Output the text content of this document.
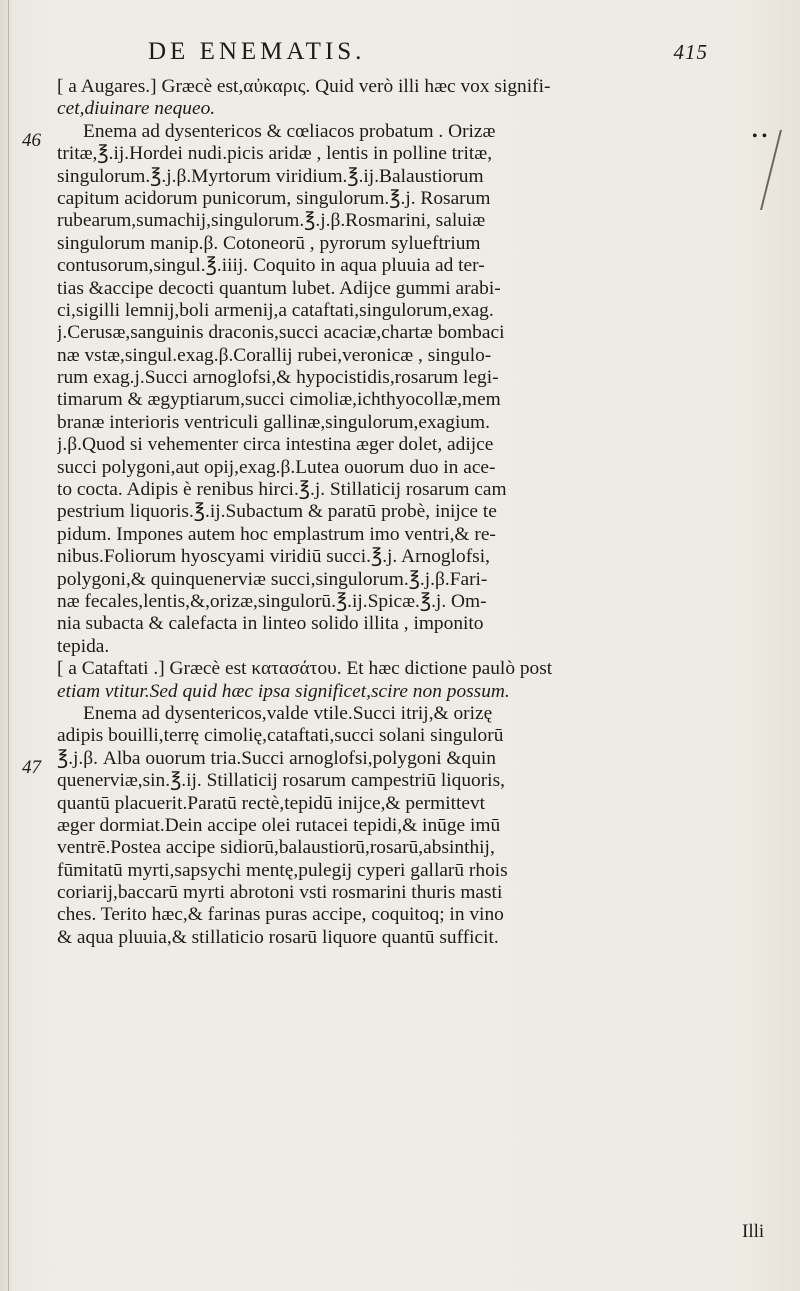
DE ENEMATIS.	415
46
47
• •
[ a Augares.] Græcè est,αὐκαρις. Quid verò illi hæc vox signifi-
cet,diuinare nequeo.
Enema ad dysentericos & cœliacos probatum . Orizæ
tritæ,℥.ij.Hordei nudi.picis aridæ , lentis in polline tritæ,
singulorum.℥.j.β.Myrtorum viridium.℥.ij.Balaustiorum
capitum acidorum punicorum, singulorum.℥.j. Rosarum
rubearum,sumachij,singulorum.℥.j.β.Rosmarini, saluiæ
singulorum manip.β. Cotoneorū , pyrorum sylueftrium
contusorum,singul.℥.iiij. Coquito in aqua pluuia ad ter-
tias &accipe decocti quantum lubet. Adijce gummi arabi-
ci,sigilli lemnij,boli armenij,a cataftati,singulorum,exag.
j.Cerusæ,sanguinis draconis,succi acaciæ,chartæ bombaci
næ vstæ,singul.exag.β.Corallij rubei,veronicæ , singulo-
rum exag.j.Succi arnoglofsi,& hypocistidis,rosarum legi-
timarum & ægyptiarum,succi cimoliæ,ichthyocollæ,mem
branæ interioris ventriculi gallinæ,singulorum,exagium.
j.β.Quod si vehementer circa intestina æger dolet, adijce
succi polygoni,aut opij,exag.β.Lutea ouorum duo in ace-
to cocta. Adipis è renibus hirci.℥.j. Stillaticij rosarum cam
pestrium liquoris.℥.ij.Subactum & paratū probè, inijce te
pidum. Impones autem hoc emplastrum imo ventri,& re-
nibus.Foliorum hyoscyami viridiū succi.℥.j. Arnoglofsi,
polygoni,& quinquenerviæ succi,singulorum.℥.j.β.Fari-
næ fecales,lentis,&,orizæ,singulorū.℥.ij.Spicæ.℥.j. Om-
nia subacta & calefacta in linteo solido illita , imponito
tepida.
[ a Cataftati .] Græcè est κατασάτου. Et hæc dictione paulò post
etiam vtitur.Sed quid hæc ipsa significet,scire non possum.
Enema ad dysentericos,valde vtile.Succi itrij,& orizę
adipis bouilli,terrę cimolię,cataftati,succi solani singulorū
℥.j.β. Alba ouorum tria.Succi arnoglofsi,polygoni &quin
quenerviæ,sin.℥.ij. Stillaticij rosarum campestriū liquoris,
quantū placuerit.Paratū rectè,tepidū inijce,& permittevt
æger dormiat.Dein accipe olei rutacei tepidi,& inūge imū
ventrē.Postea accipe sidiorū,balaustiorū,rosarū,absinthij,
fūmitatū myrti,sapsychi mentę,pulegij cyperi gallarū rhois
coriarij,baccarū myrti abrotoni vsti rosmarini thuris masti
ches. Terito hæc,& farinas puras accipe, coquitoq; in vino
& aqua pluuia,& stillaticio rosarū liquore quantū sufficit.
Illi
